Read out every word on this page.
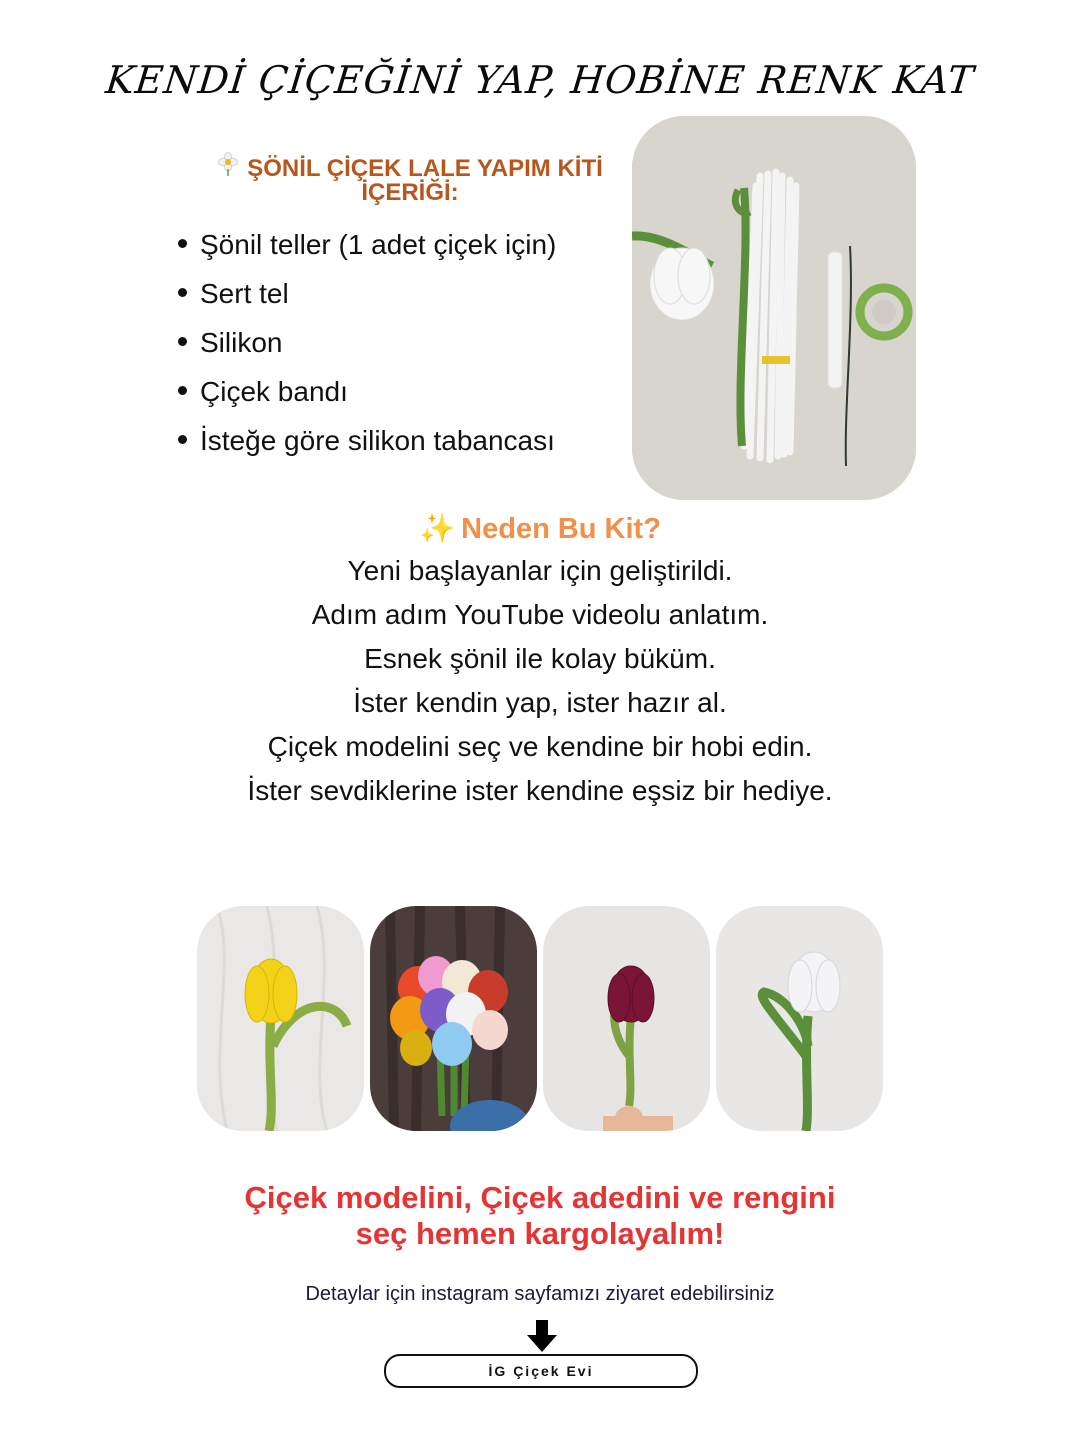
KENDİ ÇİÇEĞİNİ YAP, HOBİNE RENK KAT
ŞÖNİL ÇİÇEK LALE YAPIM KİTİ
İÇERİĞİ:
Şönil teller (1 adet çiçek için)
Sert tel
Silikon
Çiçek bandı
İsteğe göre silikon tabancası
✨ Neden Bu Kit?
Yeni başlayanlar için geliştirildi.
Adım adım YouTube videolu anlatım.
Esnek şönil ile kolay büküm.
İster kendin yap, ister hazır al.
Çiçek modelini seç ve kendine bir hobi edin.
İster sevdiklerine ister kendine eşsiz bir hediye.
Çiçek modelini, Çiçek adedini ve rengini
seç hemen kargolayalım!
Detaylar için instagram sayfamızı ziyaret edebilirsiniz
İG Çiçek Evi
